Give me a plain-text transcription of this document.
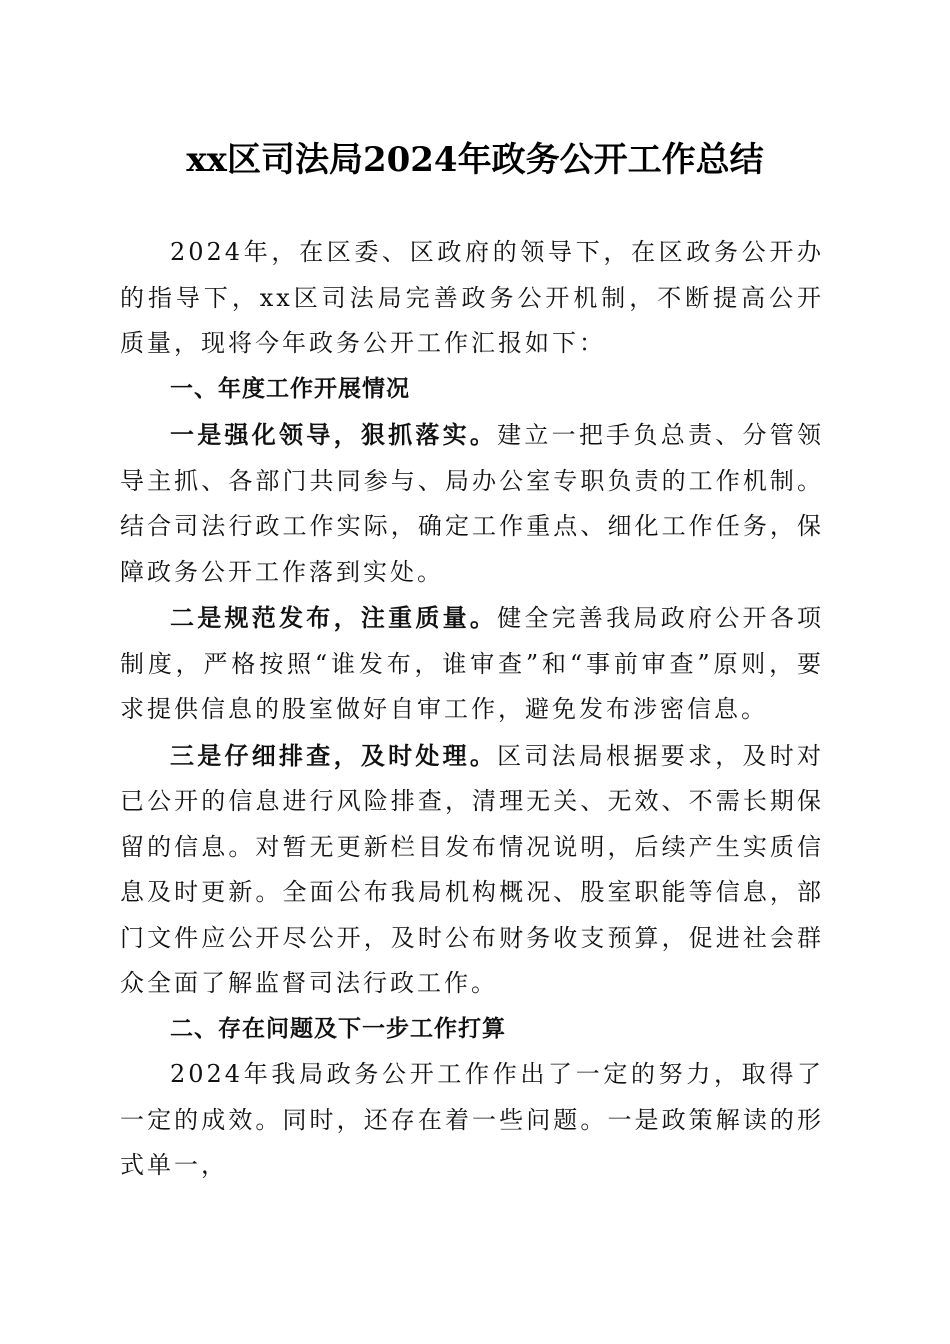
xx区司法局2024年政务公开工作总结

2024年，在区委、区政府的领导下，在区政务公开办的指导下，xx区司法局完善政务公开机制，不断提高公开质量，现将今年政务公开工作汇报如下：

一、年度工作开展情况

一是强化领导，狠抓落实。建立一把手负总责、分管领导主抓、各部门共同参与、局办公室专职负责的工作机制。结合司法行政工作实际，确定工作重点、细化工作任务，保障政务公开工作落到实处。

二是规范发布，注重质量。健全完善我局政府公开各项制度，严格按照“谁发布，谁审查”和“事前审查”原则，要求提供信息的股室做好自审工作，避免发布涉密信息。

三是仔细排查，及时处理。区司法局根据要求，及时对已公开的信息进行风险排查，清理无关、无效、不需长期保留的信息。对暂无更新栏目发布情况说明，后续产生实质信息及时更新。全面公布我局机构概况、股室职能等信息，部门文件应公开尽公开，及时公布财务收支预算，促进社会群众全面了解监督司法行政工作。

二、存在问题及下一步工作打算

2024年我局政务公开工作作出了一定的努力，取得了一定的成效。同时，还存在着一些问题。一是政策解读的形式单一，
